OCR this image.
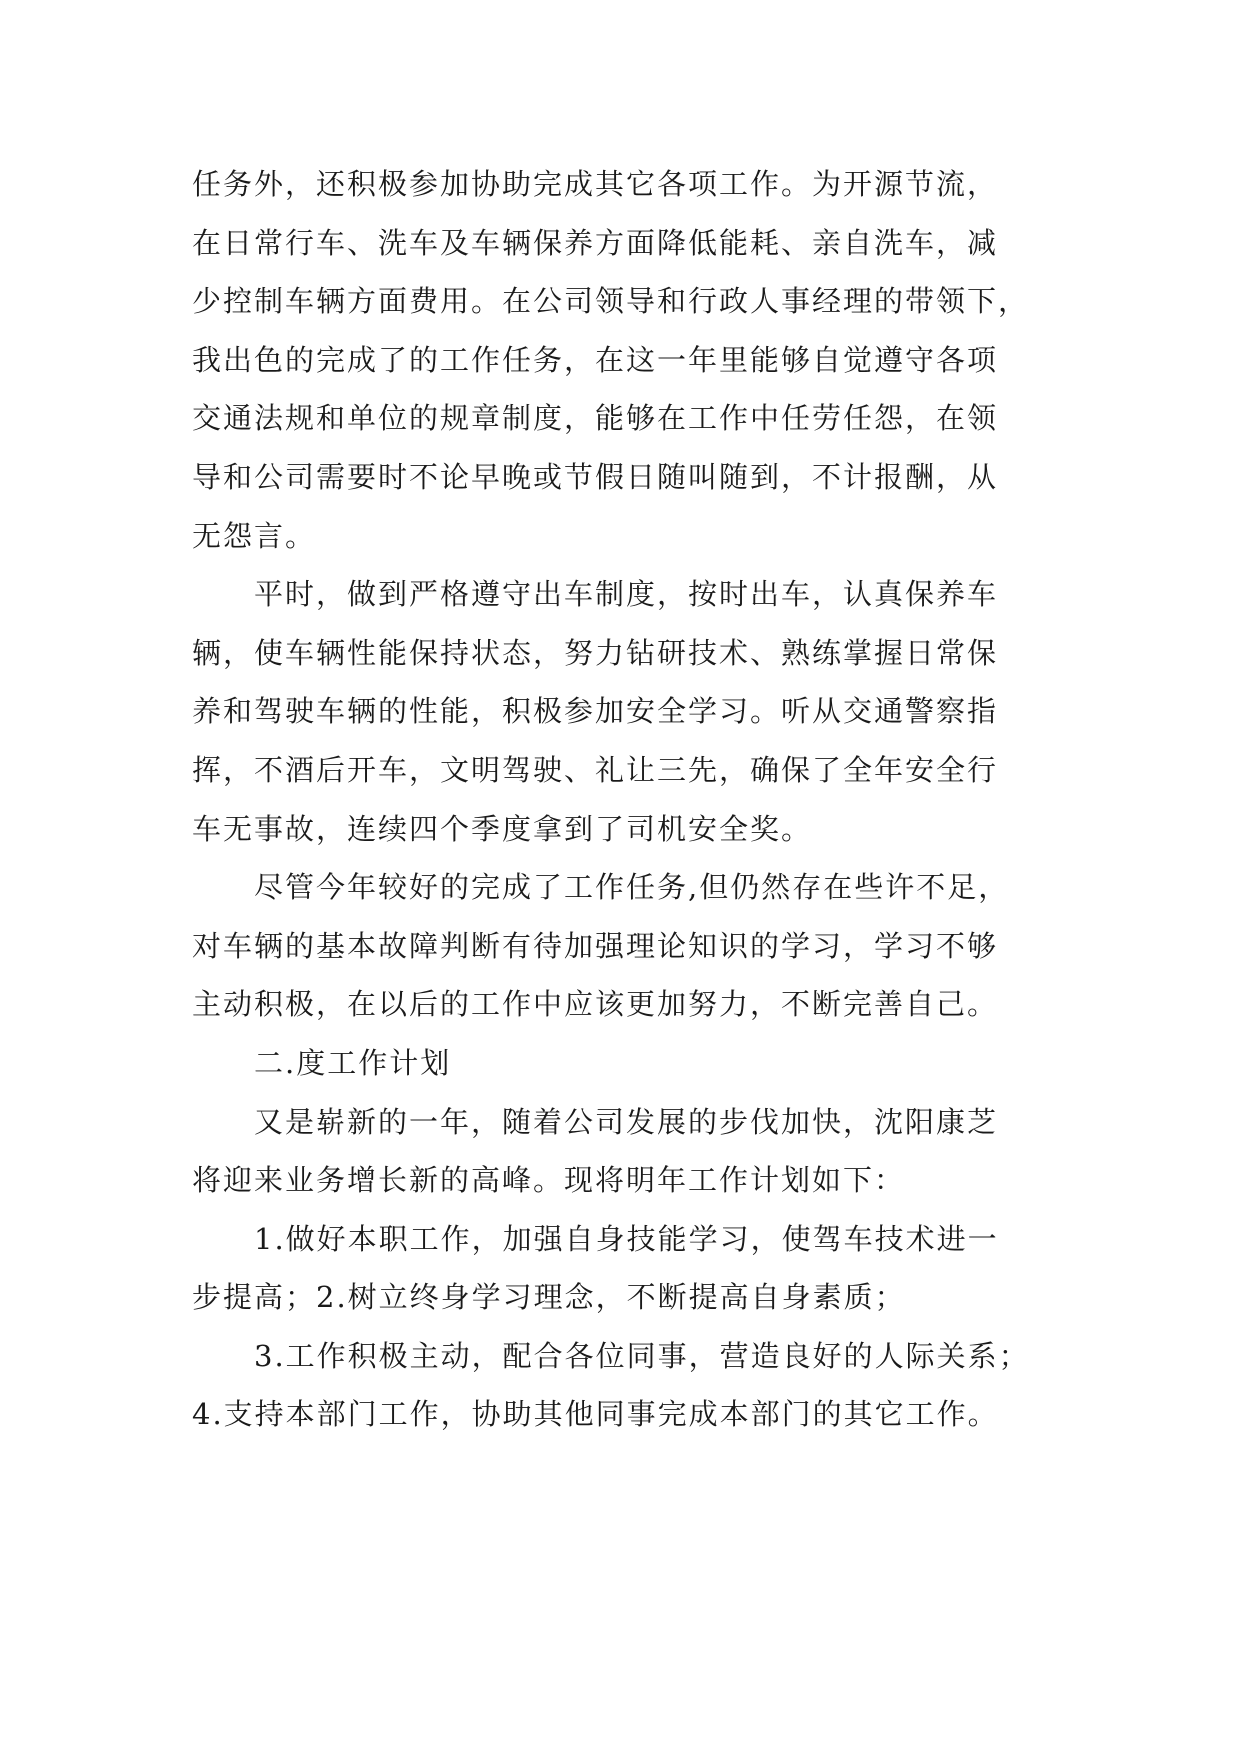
任务外，还积极参加协助完成其它各项工作。为开源节流，
在日常行车、洗车及车辆保养方面降低能耗、亲自洗车，减
少控制车辆方面费用。在公司领导和行政人事经理的带领下，
我出色的完成了的工作任务，在这一年里能够自觉遵守各项
交通法规和单位的规章制度，能够在工作中任劳任怨，在领
导和公司需要时不论早晚或节假日随叫随到，不计报酬，从
无怨言。
平时，做到严格遵守出车制度，按时出车，认真保养车
辆，使车辆性能保持状态，努力钻研技术、熟练掌握日常保
养和驾驶车辆的性能，积极参加安全学习。听从交通警察指
挥，不酒后开车，文明驾驶、礼让三先，确保了全年安全行
车无事故，连续四个季度拿到了司机安全奖。
尽管今年较好的完成了工作任务,但仍然存在些许不足，
对车辆的基本故障判断有待加强理论知识的学习，学习不够
主动积极，在以后的工作中应该更加努力，不断完善自己。
二.度工作计划
又是崭新的一年，随着公司发展的步伐加快，沈阳康芝
将迎来业务增长新的高峰。现将明年工作计划如下：
1.做好本职工作，加强自身技能学习，使驾车技术进一
步提高；2.树立终身学习理念，不断提高自身素质；
3.工作积极主动，配合各位同事，营造良好的人际关系；
4.支持本部门工作，协助其他同事完成本部门的其它工作。
